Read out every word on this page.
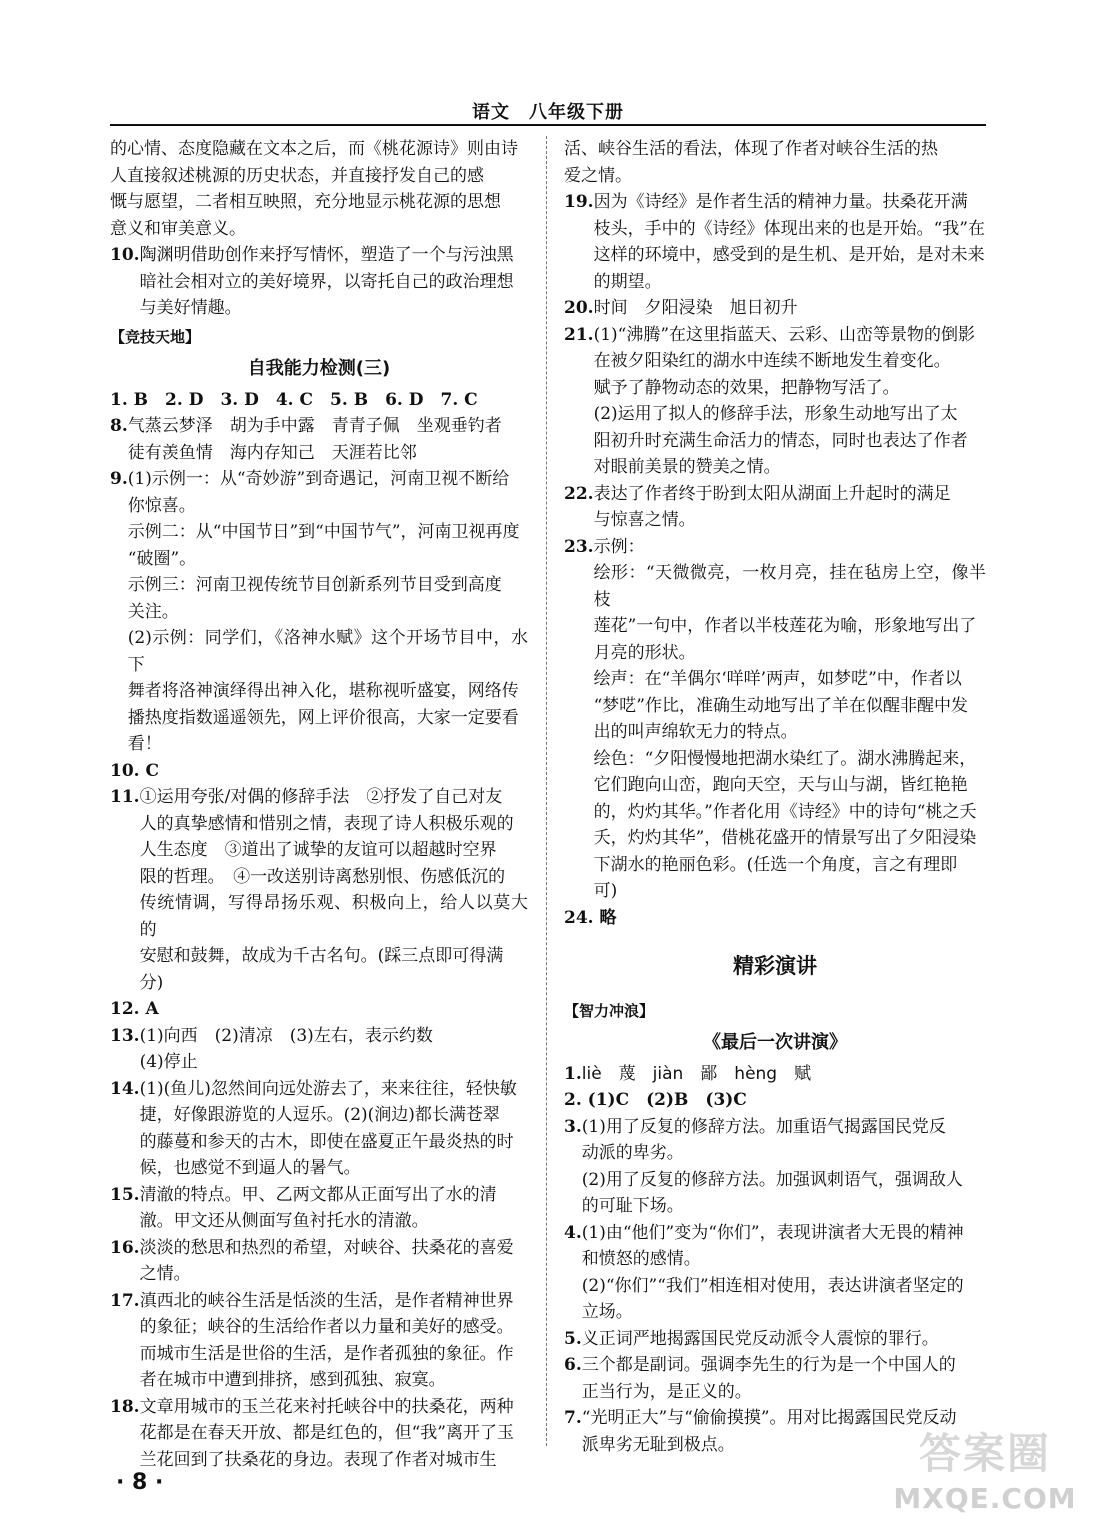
语文　八年级下册
的心情、态度隐藏在文本之后，而《桃花源诗》则由诗
人直接叙述桃源的历史状态，并直接抒发自己的感
慨与愿望，二者相互映照，充分地显示桃花源的思想
意义和审美意义。
10. 陶渊明借助创作来抒写情怀，塑造了一个与污浊黑
暗社会相对立的美好境界，以寄托自己的政治理想
与美好情趣。
【竞技天地】
自我能力检测(三)
1. B　2. D　3. D　4. C　5. B　6. D　7. C
8. 气蒸云梦泽　胡为手中露　青青子佩　坐观垂钓者
徒有羡鱼情　海内存知己　天涯若比邻
9. (1)示例一：从“奇妙游”到奇遇记，河南卫视不断给
你惊喜。
示例二：从“中国节日”到“中国节气”，河南卫视再度
“破圈”。
示例三：河南卫视传统节目创新系列节目受到高度
关注。
(2)示例：同学们，《洛神水赋》这个开场节目中，水下
舞者将洛神演绎得出神入化，堪称视听盛宴，网络传
播热度指数遥遥领先，网上评价很高，大家一定要看
看！
10. C
11. ①运用夸张/对偶的修辞手法　②抒发了自己对友
人的真挚感情和惜别之情，表现了诗人积极乐观的
人生态度　③道出了诚挚的友谊可以超越时空界
限的哲理。　④一改送别诗离愁别恨、伤感低沉的
传统情调，写得昂扬乐观、积极向上，给人以莫大的
安慰和鼓舞，故成为千古名句。(踩三点即可得满
分)
12. A
13. (1)向西　(2)清凉　(3)左右，表示约数
(4)停止
14. (1)(鱼儿)忽然间向远处游去了，来来往往，轻快敏
捷，好像跟游览的人逗乐。(2)(涧边)都长满苍翠
的藤蔓和参天的古木，即使在盛夏正午最炎热的时
候，也感觉不到逼人的暑气。
15. 清澈的特点。甲、乙两文都从正面写出了水的清
澈。甲文还从侧面写鱼衬托水的清澈。
16. 淡淡的愁思和热烈的希望，对峡谷、扶桑花的喜爱
之情。
17. 滇西北的峡谷生活是恬淡的生活，是作者精神世界
的象征；峡谷的生活给作者以力量和美好的感受。
而城市生活是世俗的生活，是作者孤独的象征。作
者在城市中遭到排挤，感到孤独、寂寞。
18. 文章用城市的玉兰花来衬托峡谷中的扶桑花，两种
花都是在春天开放、都是红色的，但“我”离开了玉
兰花回到了扶桑花的身边。表现了作者对城市生
活、峡谷生活的看法，体现了作者对峡谷生活的热
爱之情。
19. 因为《诗经》是作者生活的精神力量。扶桑花开满
枝头，手中的《诗经》体现出来的也是开始。“我”在
这样的环境中，感受到的是生机、是开始，是对未来
的期望。
20. 时间　夕阳浸染　旭日初升
21. (1)“沸腾”在这里指蓝天、云彩、山峦等景物的倒影
在被夕阳染红的湖水中连续不断地发生着变化。
赋予了静物动态的效果，把静物写活了。
(2)运用了拟人的修辞手法，形象生动地写出了太
阳初升时充满生命活力的情态，同时也表达了作者
对眼前美景的赞美之情。
22. 表达了作者终于盼到太阳从湖面上升起时的满足
与惊喜之情。
23. 示例：
绘形：“天微微亮，一枚月亮，挂在毡房上空，像半枝
莲花”一句中，作者以半枝莲花为喻，形象地写出了
月亮的形状。
绘声：在“羊偶尔‘咩咩’两声，如梦呓”中，作者以
“梦呓”作比，准确生动地写出了羊在似醒非醒中发
出的叫声绵软无力的特点。
绘色：“夕阳慢慢地把湖水染红了。湖水沸腾起来，
它们跑向山峦，跑向天空，天与山与湖，皆红艳艳
的，灼灼其华。”作者化用《诗经》中的诗句“桃之夭
夭，灼灼其华”，借桃花盛开的情景写出了夕阳浸染
下湖水的艳丽色彩。(任选一个角度，言之有理即
可)
24. 略
精彩演讲
【智力冲浪】
《最后一次讲演》
1. liè　蔑　jiàn　鄙　hèng　赋
2. (1)C　(2)B　(3)C
3. (1)用了反复的修辞方法。加重语气揭露国民党反
动派的卑劣。
(2)用了反复的修辞方法。加强讽刺语气，强调敌人
的可耻下场。
4. (1)由“他们”变为“你们”，表现讲演者大无畏的精神
和愤怒的感情。
(2)“你们”“我们”相连相对使用，表达讲演者坚定的
立场。
5. 义正词严地揭露国民党反动派令人震惊的罪行。
6. 三个都是副词。强调李先生的行为是一个中国人的
正当行为，是正义的。
7. “光明正大”与“偷偷摸摸”。用对比揭露国民党反动
派卑劣无耻到极点。
· 8 ·
答案圈
MXQE.COM
